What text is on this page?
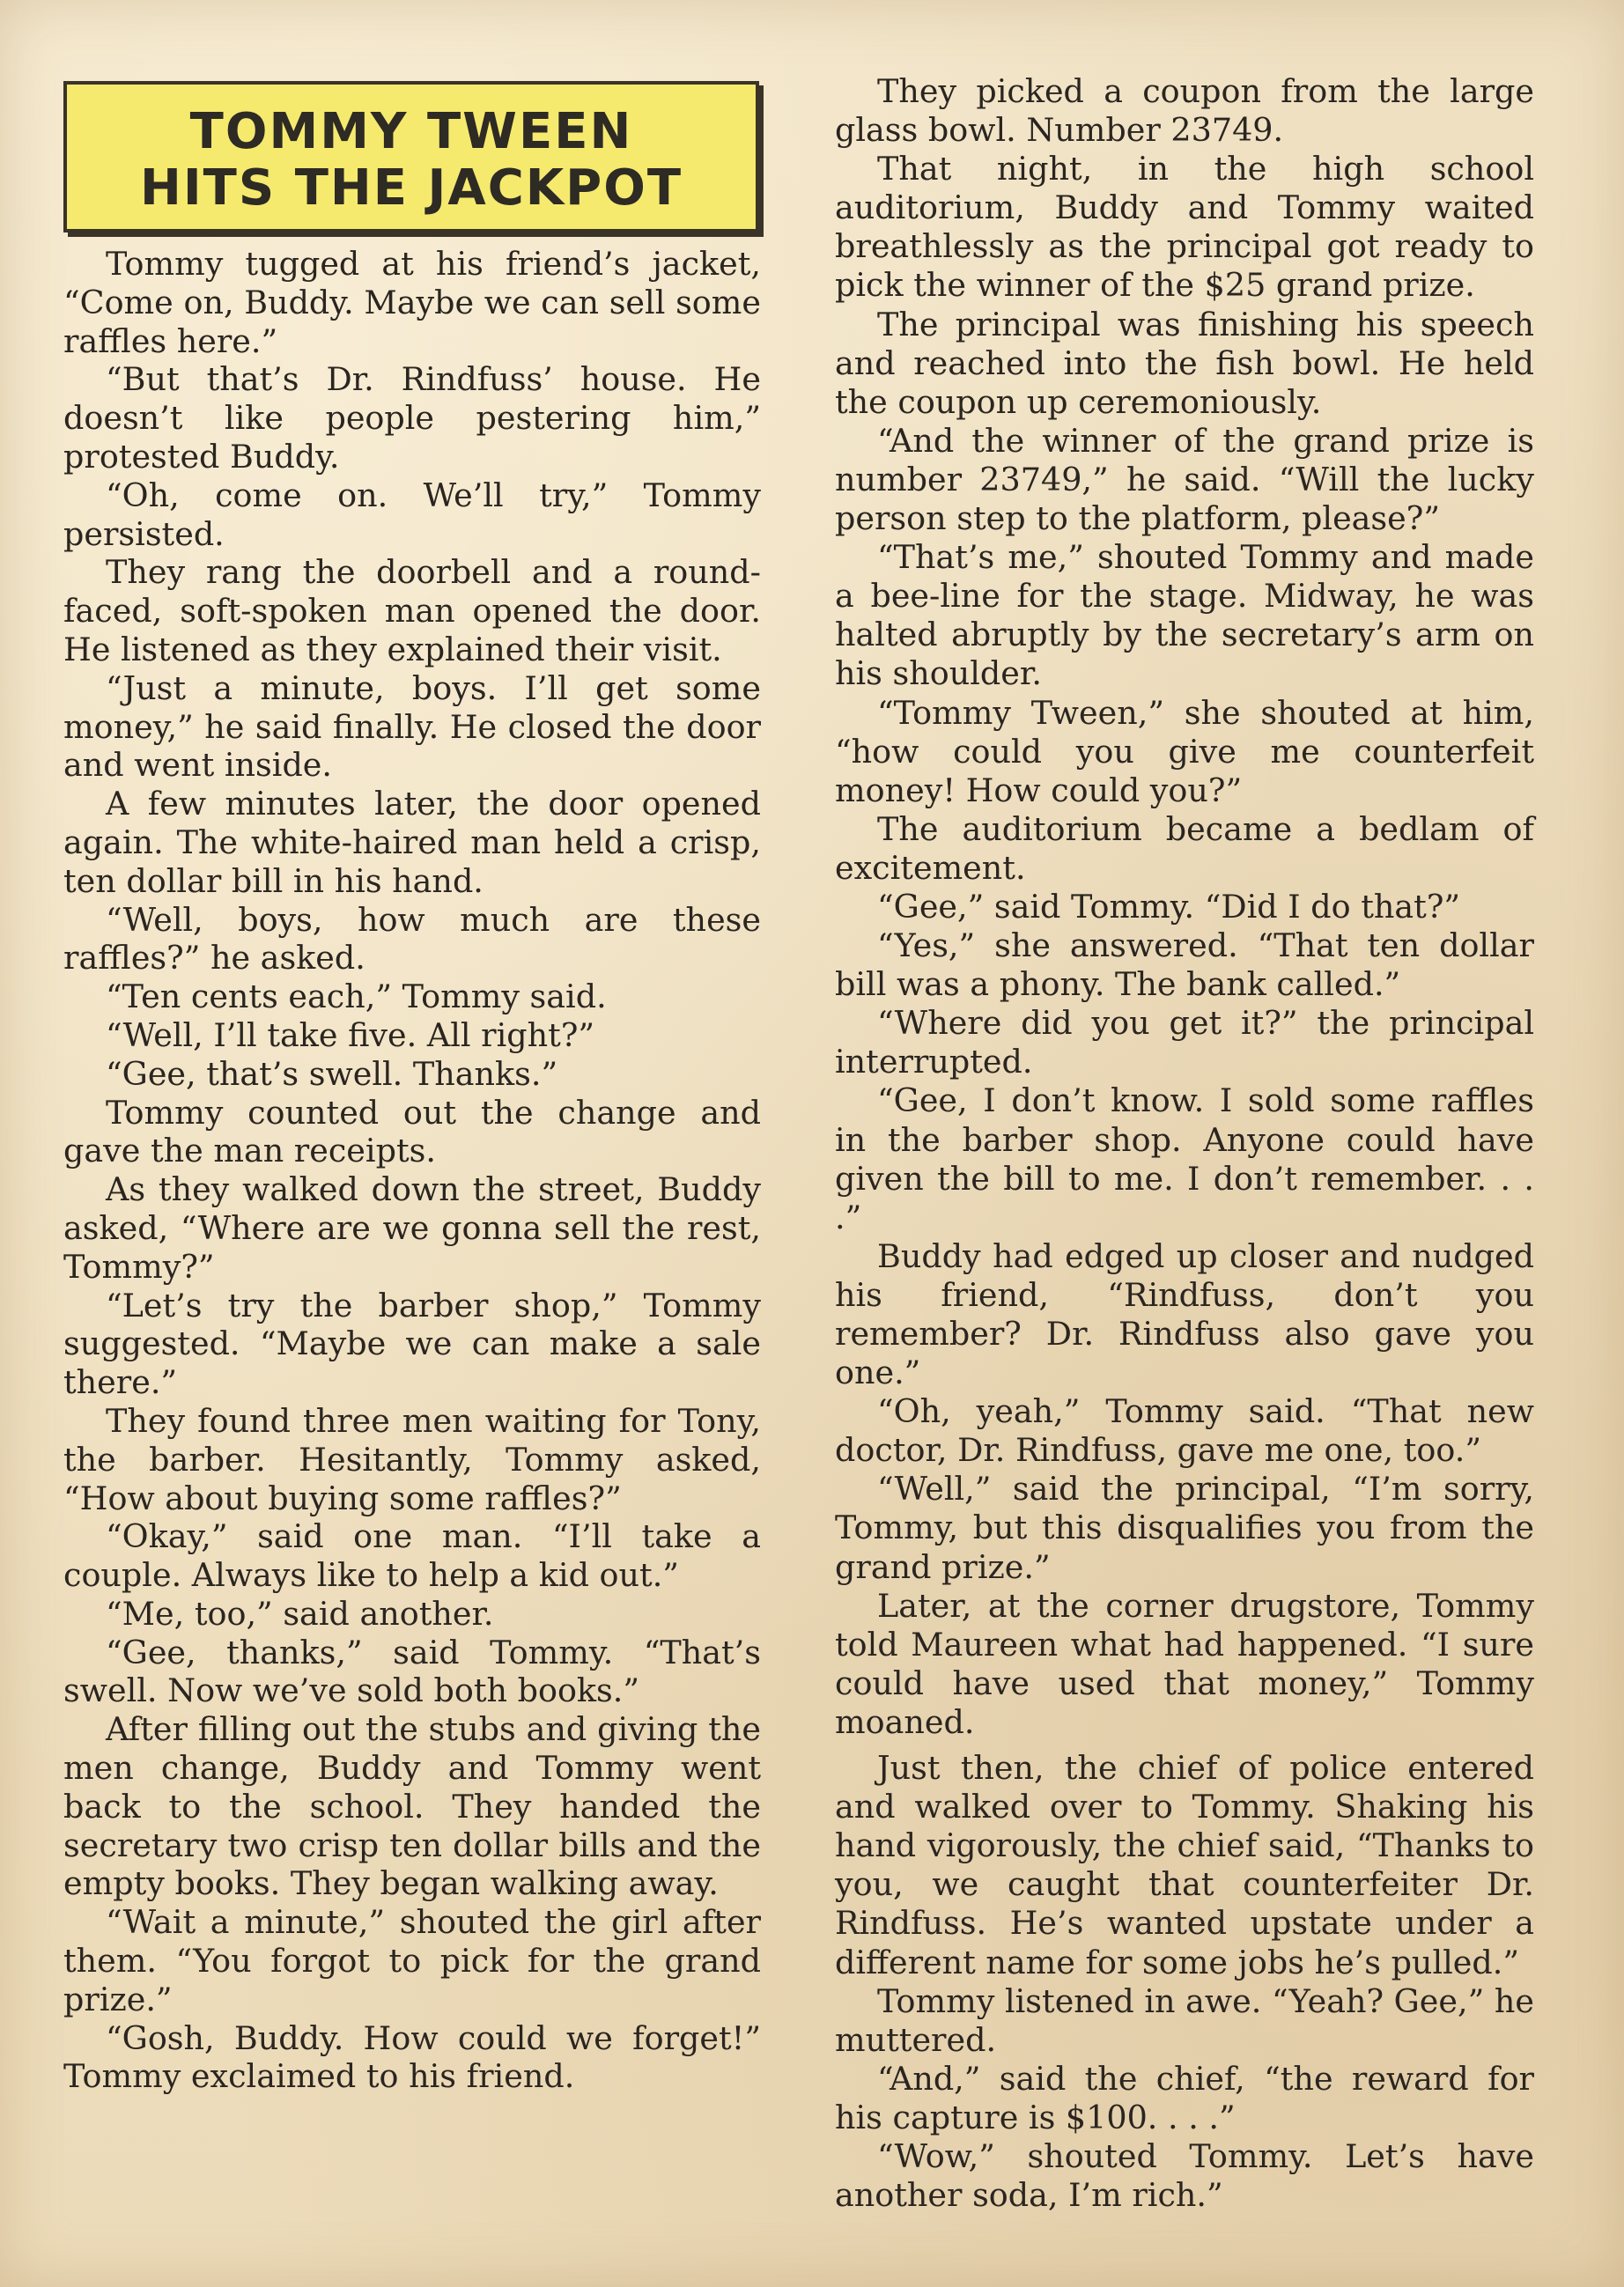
TOMMY TWEEN
HITS THE JACKPOT

Tommy tugged at his friend’s jacket, “Come on, Buddy. Maybe we can sell some raffles here.”

“But that’s Dr. Rindfuss’ house. He doesn’t like people pestering him,” protested Buddy.

“Oh, come on. We’ll try,” Tommy persisted.

They rang the doorbell and a round-faced, soft-spoken man opened the door. He listened as they explained their visit.

“Just a minute, boys. I’ll get some money,” he said finally. He closed the door and went inside.

A few minutes later, the door opened again. The white-haired man held a crisp, ten dollar bill in his hand.

“Well, boys, how much are these raffles?” he asked.

“Ten cents each,” Tommy said.

“Well, I’ll take five. All right?”

“Gee, that’s swell. Thanks.”

Tommy counted out the change and gave the man receipts.

As they walked down the street, Buddy asked, “Where are we gonna sell the rest, Tommy?”

“Let’s try the barber shop,” Tommy suggested. “Maybe we can make a sale there.”

They found three men waiting for Tony, the barber. Hesitantly, Tommy asked, “How about buying some raffles?”

“Okay,” said one man. “I’ll take a couple. Always like to help a kid out.”

“Me, too,” said another.

“Gee, thanks,” said Tommy. “That’s swell. Now we’ve sold both books.”

After filling out the stubs and giving the men change, Buddy and Tommy went back to the school. They handed the secretary two crisp ten dollar bills and the empty books. They began walking away.

“Wait a minute,” shouted the girl after them. “You forgot to pick for the grand prize.”

“Gosh, Buddy. How could we forget!” Tommy exclaimed to his friend.

They picked a coupon from the large glass bowl. Number 23749.

That night, in the high school auditorium, Buddy and Tommy waited breathlessly as the principal got ready to pick the winner of the $25 grand prize.

The principal was finishing his speech and reached into the fish bowl. He held the coupon up ceremoniously.

“And the winner of the grand prize is number 23749,” he said. “Will the lucky person step to the platform, please?”

“That’s me,” shouted Tommy and made a bee-line for the stage. Midway, he was halted abruptly by the secretary’s arm on his shoulder.

“Tommy Tween,” she shouted at him, “how could you give me counterfeit money! How could you?”

The auditorium became a bedlam of excitement.

“Gee,” said Tommy. “Did I do that?”

“Yes,” she answered. “That ten dollar bill was a phony. The bank called.”

“Where did you get it?” the principal interrupted.

“Gee, I don’t know. I sold some raffles in the barber shop. Anyone could have given the bill to me. I don’t remember. . . .”

Buddy had edged up closer and nudged his friend, “Rindfuss, don’t you remember? Dr. Rindfuss also gave you one.”

“Oh, yeah,” Tommy said. “That new doctor, Dr. Rindfuss, gave me one, too.”

“Well,” said the principal, “I’m sorry, Tommy, but this disqualifies you from the grand prize.”

Later, at the corner drugstore, Tommy told Maureen what had happened. “I sure could have used that money,” Tommy moaned.

Just then, the chief of police entered and walked over to Tommy. Shaking his hand vigorously, the chief said, “Thanks to you, we caught that counterfeiter Dr. Rindfuss. He’s wanted upstate under a different name for some jobs he’s pulled.”

Tommy listened in awe. “Yeah? Gee,” he muttered.

“And,” said the chief, “the reward for his capture is $100. . . .”

“Wow,” shouted Tommy. Let’s have another soda, I’m rich.”
